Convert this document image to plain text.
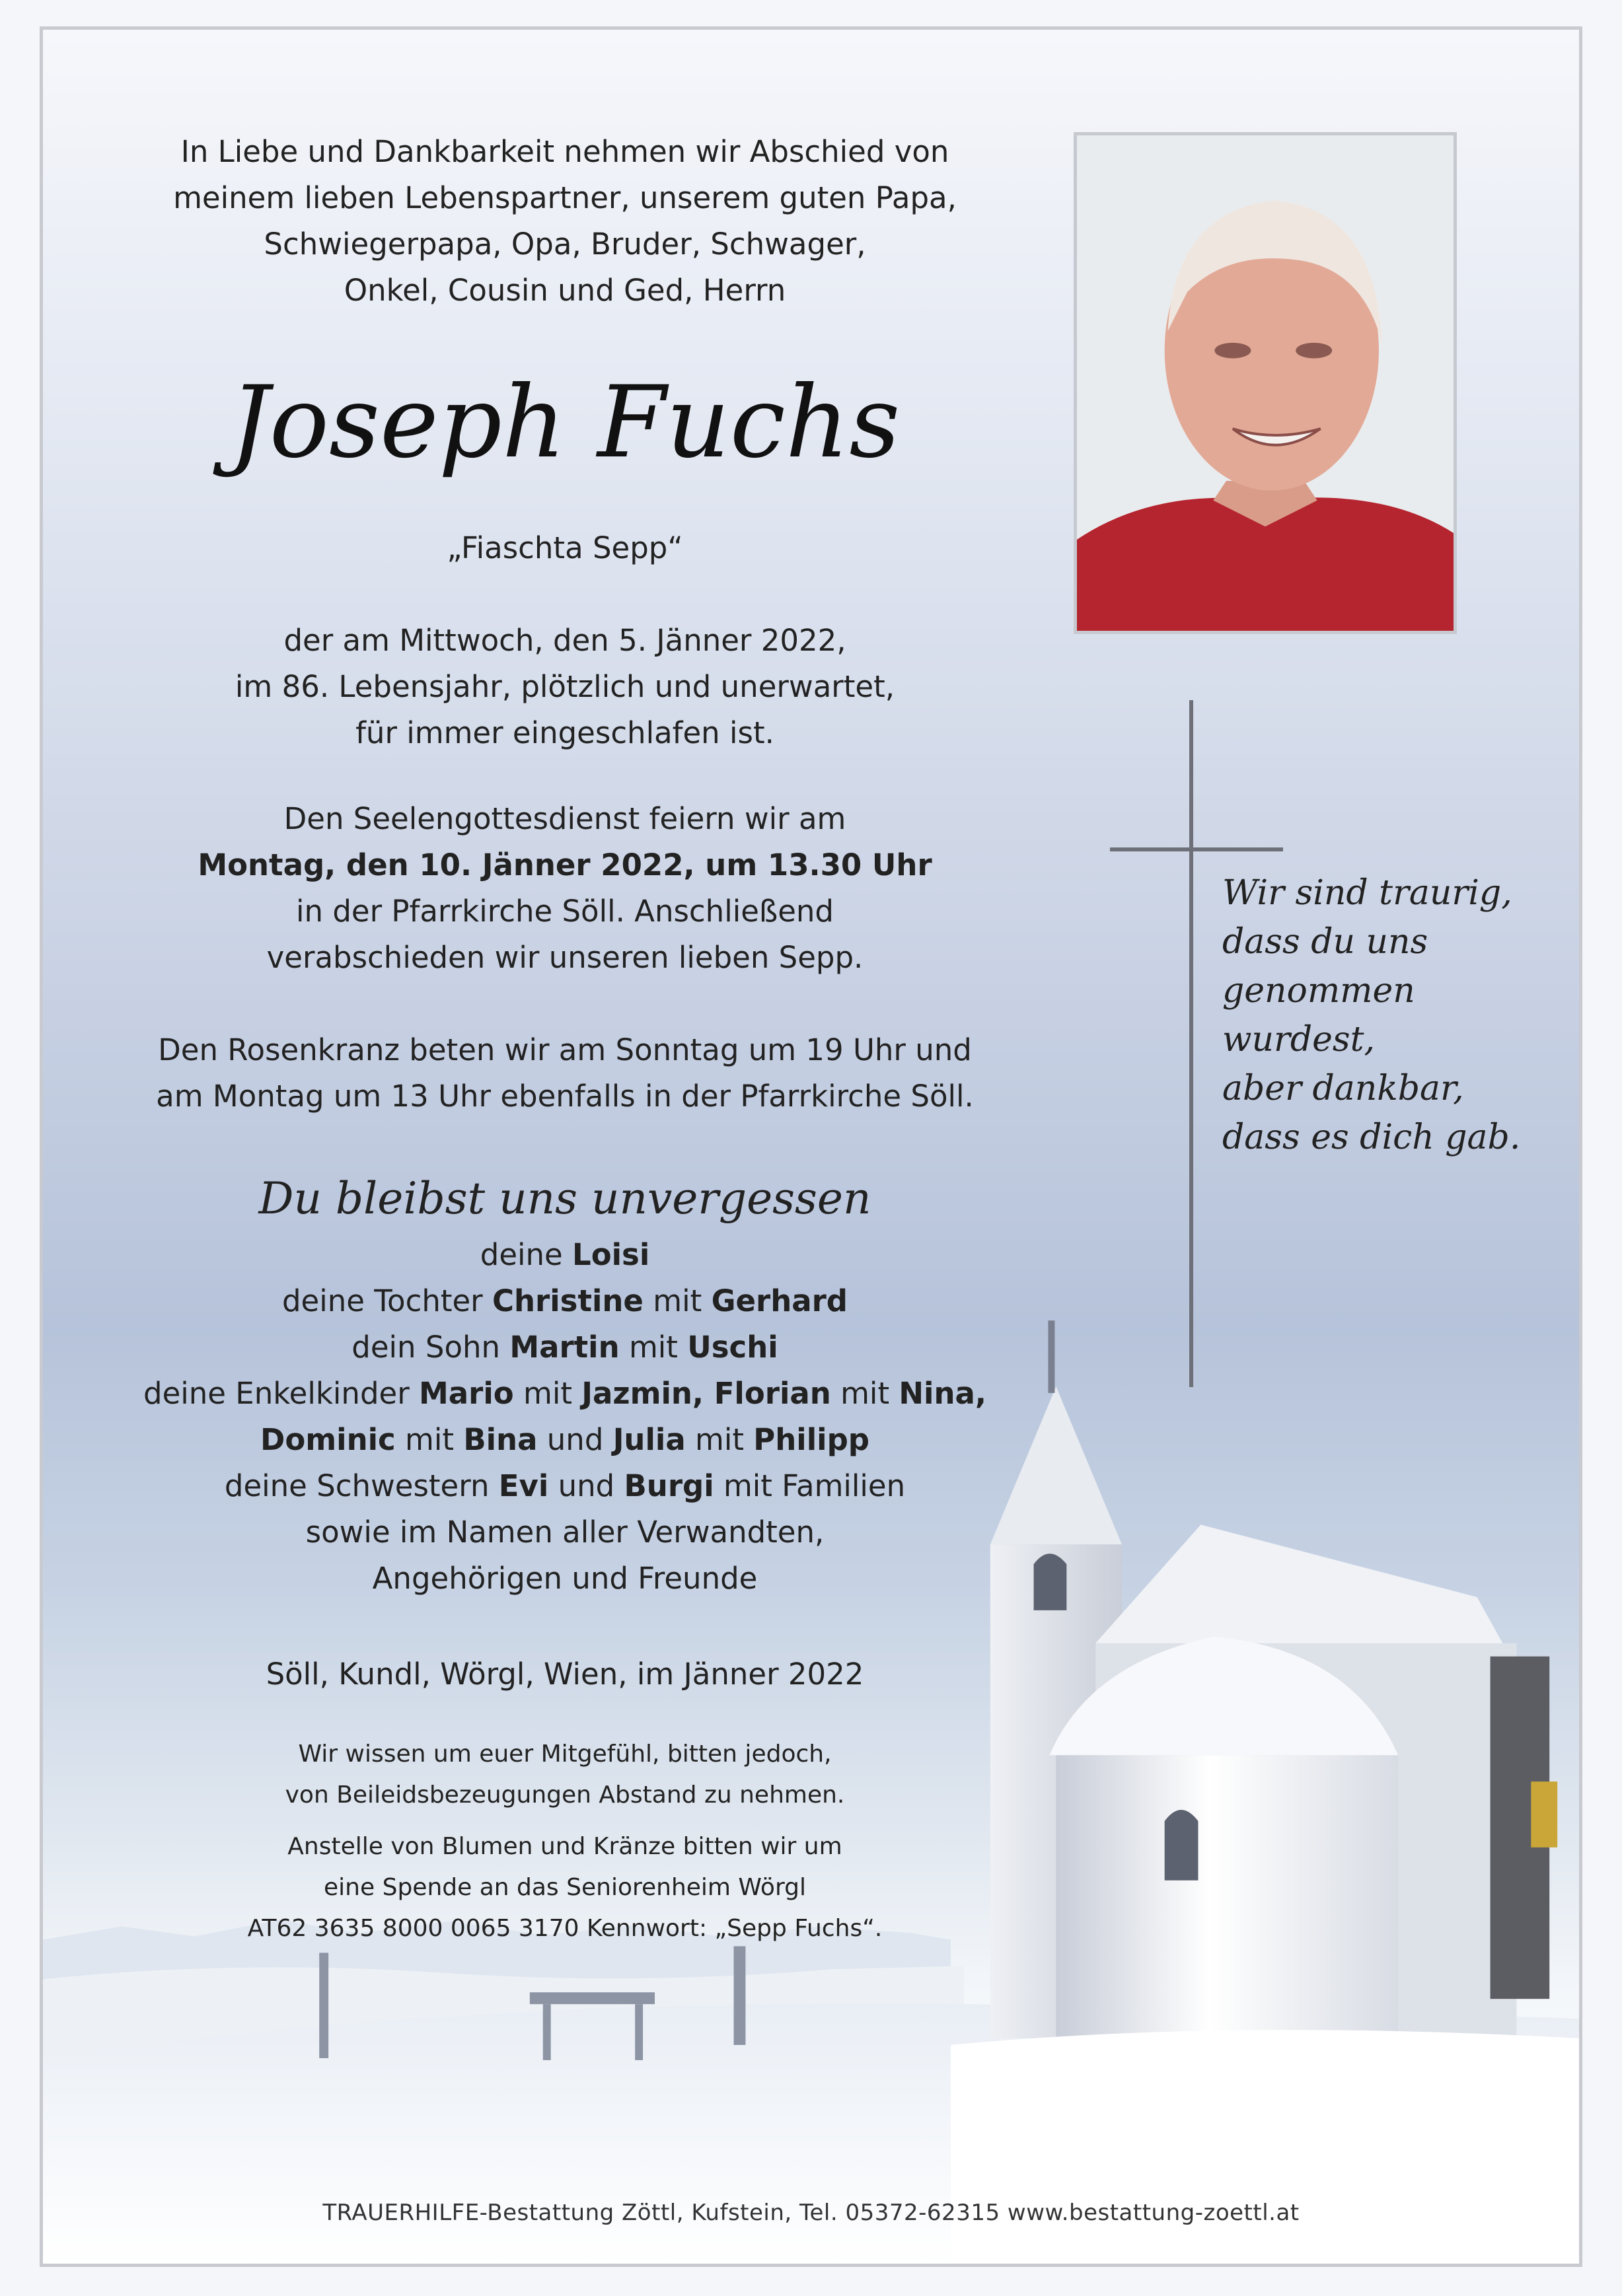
In Liebe und Dankbarkeit nehmen wir Abschied von
meinem lieben Lebenspartner, unserem guten Papa,
Schwiegerpapa, Opa, Bruder, Schwager,
Onkel, Cousin und Ged, Herrn
Joseph Fuchs
„Fiaschta Sepp“
der am Mittwoch, den 5. Jänner 2022,
im 86. Lebensjahr, plötzlich und unerwartet,
für immer eingeschlafen ist.
Den Seelengottesdienst feiern wir am
Montag, den 10. Jänner 2022, um 13.30 Uhr
in der Pfarrkirche Söll. Anschließend
verabschieden wir unseren lieben Sepp.
Den Rosenkranz beten wir am Sonntag um 19 Uhr und
am Montag um 13 Uhr ebenfalls in der Pfarrkirche Söll.
Du bleibst uns unvergessen
deine Loisi
deine Tochter Christine mit Gerhard
dein Sohn Martin mit Uschi
deine Enkelkinder Mario mit Jazmin, Florian mit Nina,
Dominic mit Bina und Julia mit Philipp
deine Schwestern Evi und Burgi mit Familien
sowie im Namen aller Verwandten,
Angehörigen und Freunde
Söll, Kundl, Wörgl, Wien, im Jänner 2022
Wir wissen um euer Mitgefühl, bitten jedoch,
von Beileidsbezeugungen Abstand zu nehmen.
Anstelle von Blumen und Kränze bitten wir um
eine Spende an das Seniorenheim Wörgl
AT62 3635 8000 0065 3170 Kennwort: „Sepp Fuchs“.
Wir sind traurig,
dass du uns
genommen wurdest,
aber dankbar,
dass es dich gab.
TRAUERHILFE-Bestattung Zöttl, Kufstein, Tel. 05372-62315 www.bestattung-zoettl.at
